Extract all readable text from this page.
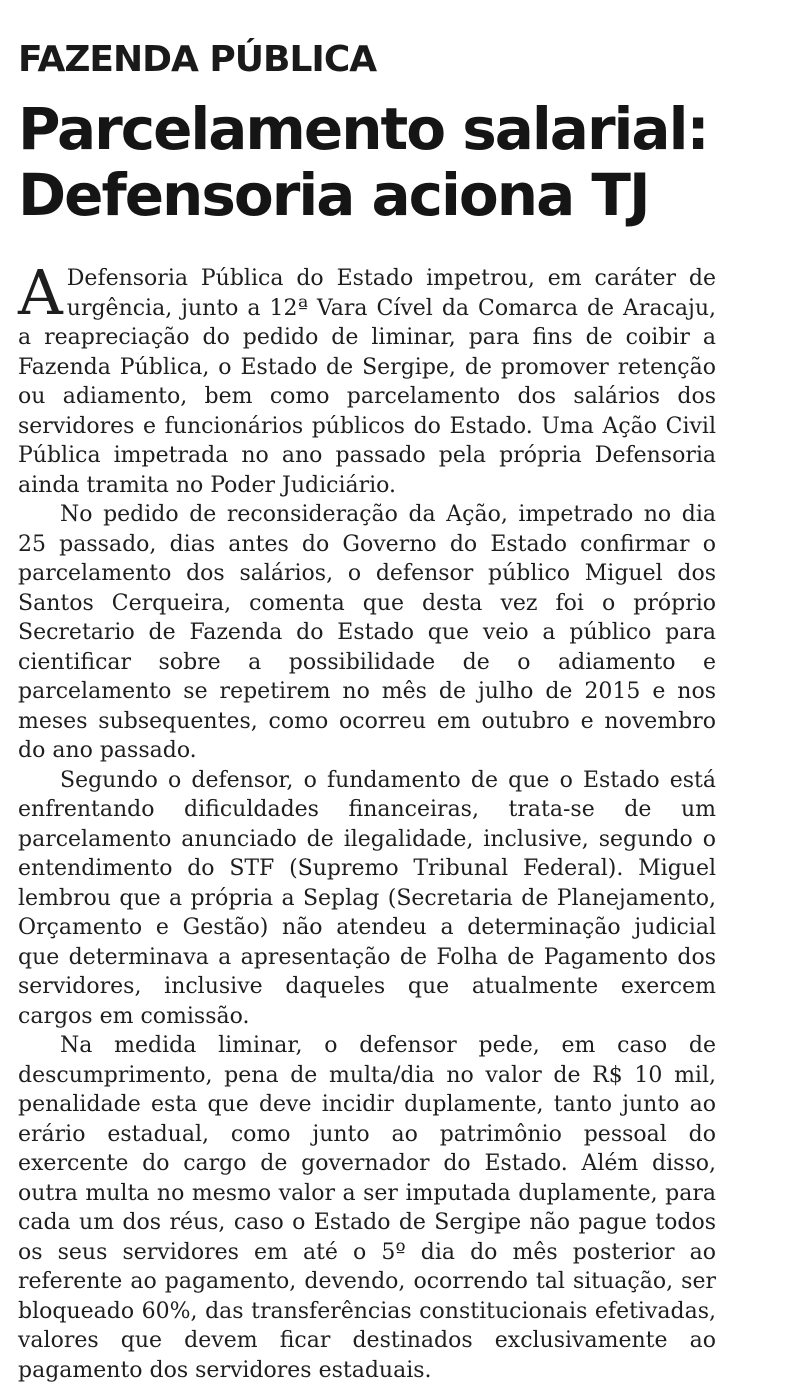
FAZENDA PÚBLICA
Parcelamento salarial:
Defensoria aciona TJ

A Defensoria Pública do Estado impetrou, em caráter de urgência, junto a 12ª Vara Cível da Comarca de Aracaju, a reapreciação do pedido de liminar, para fins de coibir a Fazenda Pública, o Estado de Sergipe, de promover retenção ou adiamento, bem como parcelamento dos salários dos servidores e funcionários públicos do Estado. Uma Ação Civil Pública impetrada no ano passado pela própria Defensoria ainda tramita no Poder Judiciário.

No pedido de reconsideração da Ação, impetrado no dia 25 passado, dias antes do Governo do Estado confirmar o parcelamento dos salários, o defensor público Miguel dos Santos Cerqueira, comenta que desta vez foi o próprio Secretario de Fazenda do Estado que veio a público para cientificar sobre a possibilidade de o adiamento e parcelamento se repetirem no mês de julho de 2015 e nos meses subsequentes, como ocorreu em outubro e novembro do ano passado.

Segundo o defensor, o fundamento de que o Estado está enfrentando dificuldades financeiras, trata-se de um parcelamento anunciado de ilegalidade, inclusive, segundo o entendimento do STF (Supremo Tribunal Federal). Miguel lembrou que a própria a Seplag (Secretaria de Planejamento, Orçamento e Gestão) não atendeu a determinação judicial que determinava a apresentação de Folha de Pagamento dos servidores, inclusive daqueles que atualmente exercem cargos em comissão.

Na medida liminar, o defensor pede, em caso de descumprimento, pena de multa/dia no valor de R$ 10 mil, penalidade esta que deve incidir duplamente, tanto junto ao erário estadual, como junto ao patrimônio pessoal do exercente do cargo de governador do Estado. Além disso, outra multa no mesmo valor a ser imputada duplamente, para cada um dos réus, caso o Estado de Sergipe não pague todos os seus servidores em até o 5º dia do mês posterior ao referente ao pagamento, devendo, ocorrendo tal situação, ser bloqueado 60%, das transferências constitucionais efetivadas, valores que devem ficar destinados exclusivamente ao pagamento dos servidores estaduais.
